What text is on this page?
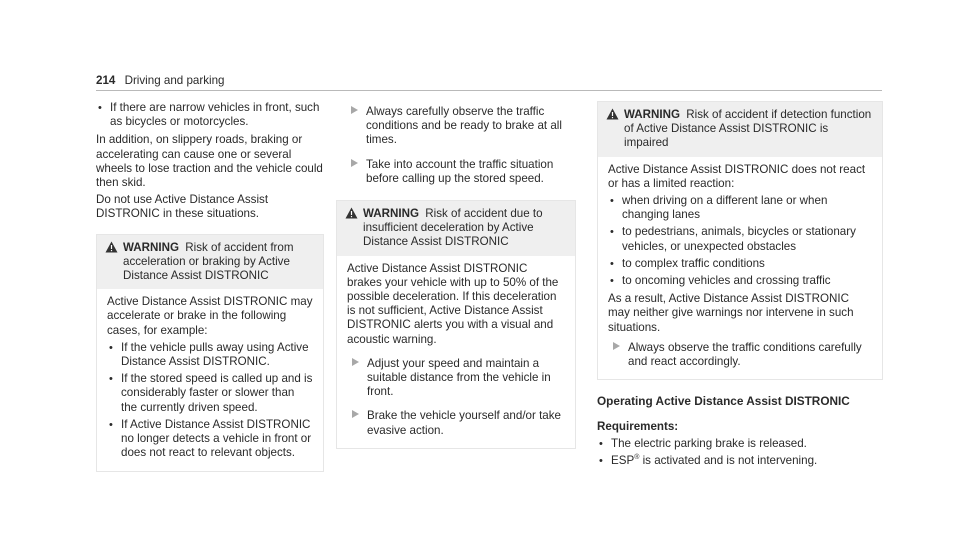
214 Driving and parking
• If there are narrow vehicles in front, such as bicycles or motorcycles.

In addition, on slippery roads, braking or accelerating can cause one or several wheels to lose traction and the vehicle could then skid.

Do not use Active Distance Assist DISTRONIC in these situations.

WARNING Risk of accident from acceleration or braking by Active Distance Assist DISTRONIC

Active Distance Assist DISTRONIC may accelerate or brake in the following cases, for example:

• If the vehicle pulls away using Active Distance Assist DISTRONIC.
• If the stored speed is called up and is considerably faster or slower than the currently driven speed.
• If Active Distance Assist DISTRONIC no longer detects a vehicle in front or does not react to relevant objects.
Always carefully observe the traffic conditions and be ready to brake at all times.
Take into account the traffic situation before calling up the stored speed.
WARNING Risk of accident due to insufficient deceleration by Active Distance Assist DISTRONIC

Active Distance Assist DISTRONIC brakes your vehicle with up to 50% of the possible deceleration. If this deceleration is not sufficient, Active Distance Assist DISTRONIC alerts you with a visual and acoustic warning.

Adjust your speed and maintain a suitable distance from the vehicle in front.
Brake the vehicle yourself and/or take evasive action.
WARNING Risk of accident if detection function of Active Distance Assist DISTRONIC is impaired

Active Distance Assist DISTRONIC does not react or has a limited reaction:

• when driving on a different lane or when changing lanes
• to pedestrians, animals, bicycles or stationary vehicles, or unexpected obstacles
• to complex traffic conditions
• to oncoming vehicles and crossing traffic

As a result, Active Distance Assist DISTRONIC may neither give warnings nor intervene in such situations.

Always observe the traffic conditions carefully and react accordingly.
Operating Active Distance Assist DISTRONIC
Requirements:
• The electric parking brake is released.
• ESP® is activated and is not intervening.
